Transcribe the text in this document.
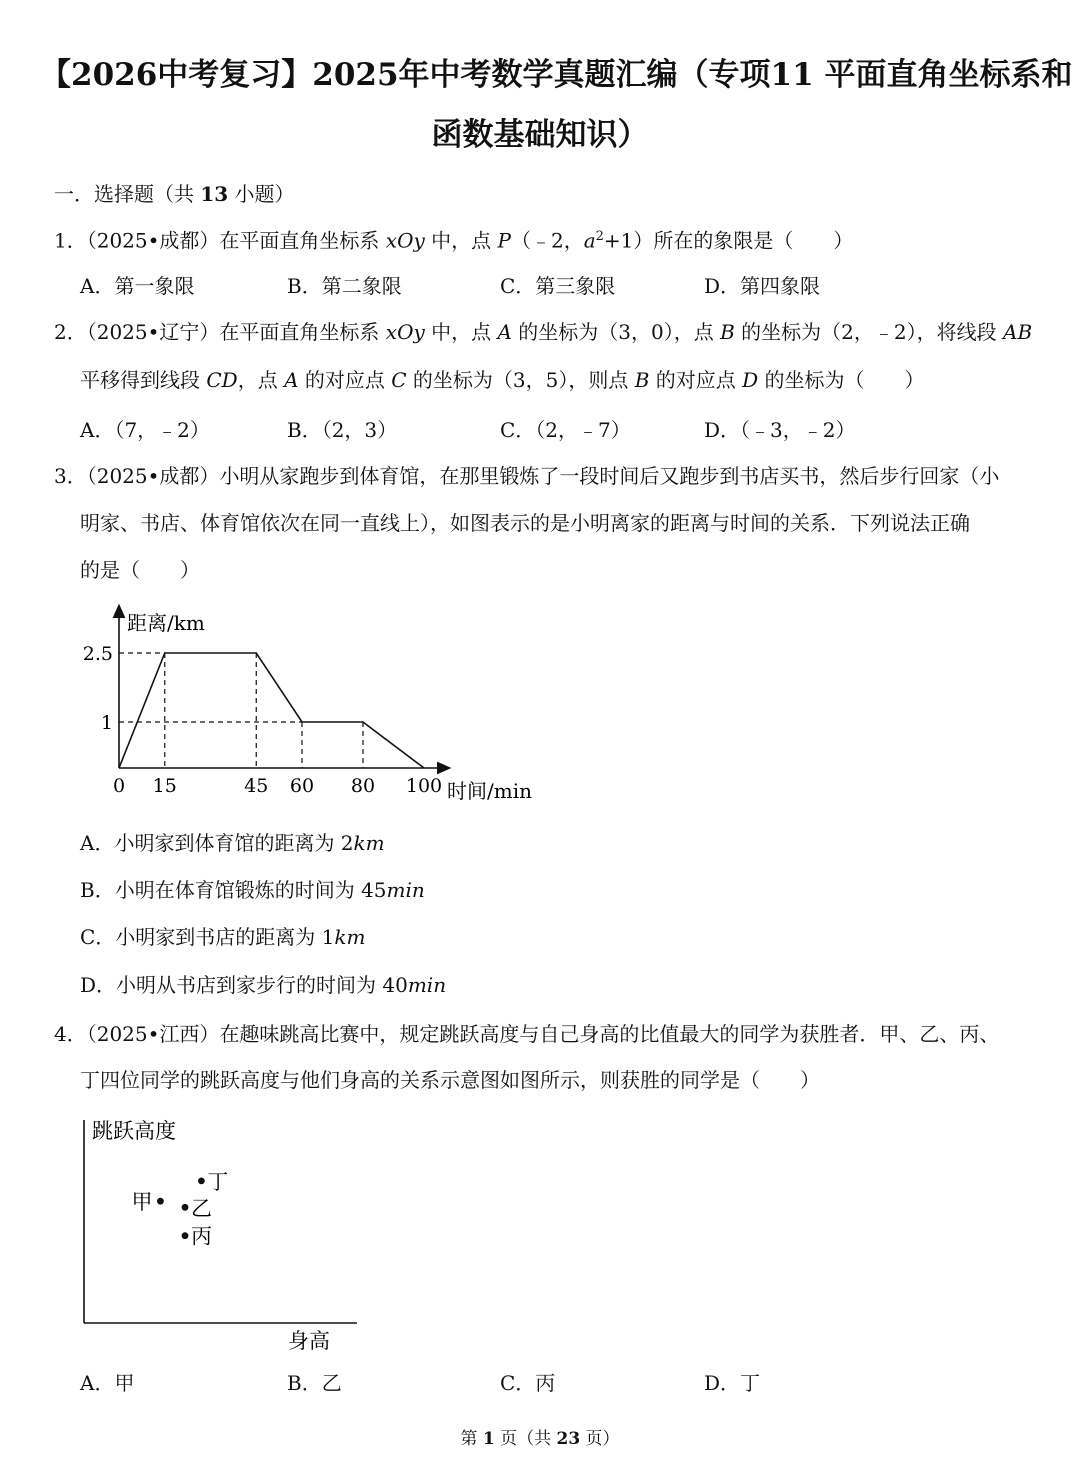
【2026中考复习】2025年中考数学真题汇编（专项11 平面直角坐标系和
函数基础知识）
一．选择题（共 13 小题）
1．（2025•成都）在平面直角坐标系 xOy 中，点 P（﹣2，$a^2+1$）所在的象限是（　　）
A．第一象限	B．第二象限	C．第三象限	D．第四象限
2．（2025•辽宁）在平面直角坐标系 xOy 中，点 A 的坐标为（3，0），点 B 的坐标为（2，﹣2），将线段 AB
平移得到线段 CD，点 A 的对应点 C 的坐标为（3，5），则点 B 的对应点 D 的坐标为（　　）
A．（7，﹣2）	B．（2，3）	C．（2，﹣7）	D．（﹣3，﹣2）
3．（2025•成都）小明从家跑步到体育馆，在那里锻炼了一段时间后又跑步到书店买书，然后步行回家（小
明家、书店、体育馆依次在同一直线上），如图表示的是小明离家的距离与时间的关系．下列说法正确
的是（　　）
0 15	45 60 80 100
2.5
1
距离/km
时间/min
A．小明家到体育馆的距离为 2km
B．小明在体育馆锻炼的时间为 45min
C．小明家到书店的距离为 1km
D．小明从书店到家步行的时间为 40min
4．（2025•江西）在趣味跳高比赛中，规定跳跃高度与自己身高的比值最大的同学为获胜者．甲、乙、丙、
丁四位同学的跳跃高度与他们身高的关系示意图如图所示，则获胜的同学是（　　）
跳跃高度
身高
甲 乙
丙
丁
A．甲	B．乙	C．丙	D．丁
第 1 页（共 23 页）
